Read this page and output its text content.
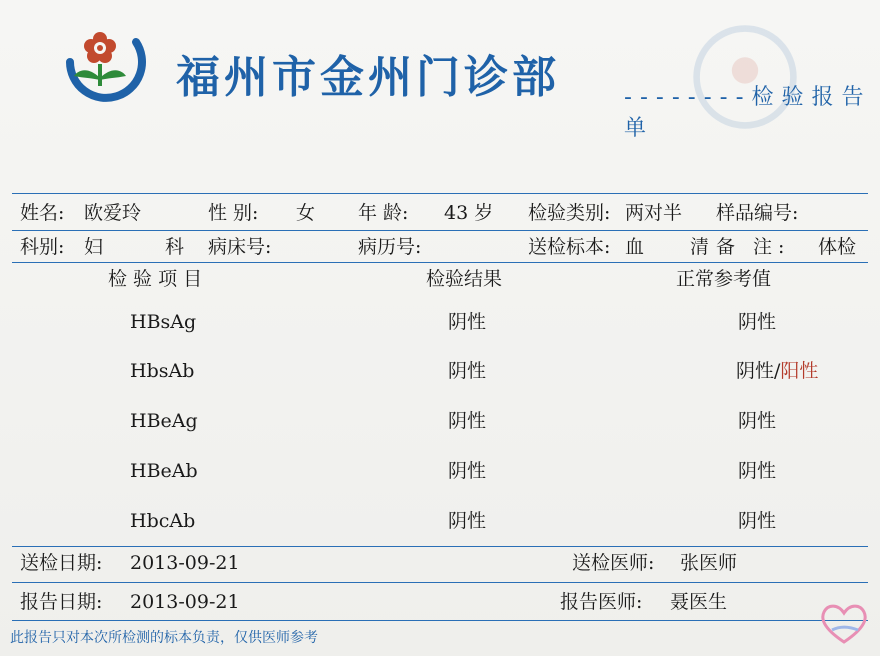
福州市金州门诊部	--------检验报告单
姓名: 欧爱玲	性 别: 女 年 龄: 43 岁 检验类别: 两对半 样品编号:
科别: 妇 科
病床号:	病历号:	送检标本: 血 清
备 注: 体检
检 验 项 目	检验结果	正常参考值
HBsAg	阴性	阴性
HbsAb	阴性	阴性/阳性
HBeAg	阴性	阴性
HBeAb	阴性	阴性
HbcAb	阴性	阴性
送检日期: 2013-09-21	送检医师: 张医师
报告日期: 2013-09-21	报告医师: 聂医生
此报告只对本次所检测的标本负责，仅供医师参考
